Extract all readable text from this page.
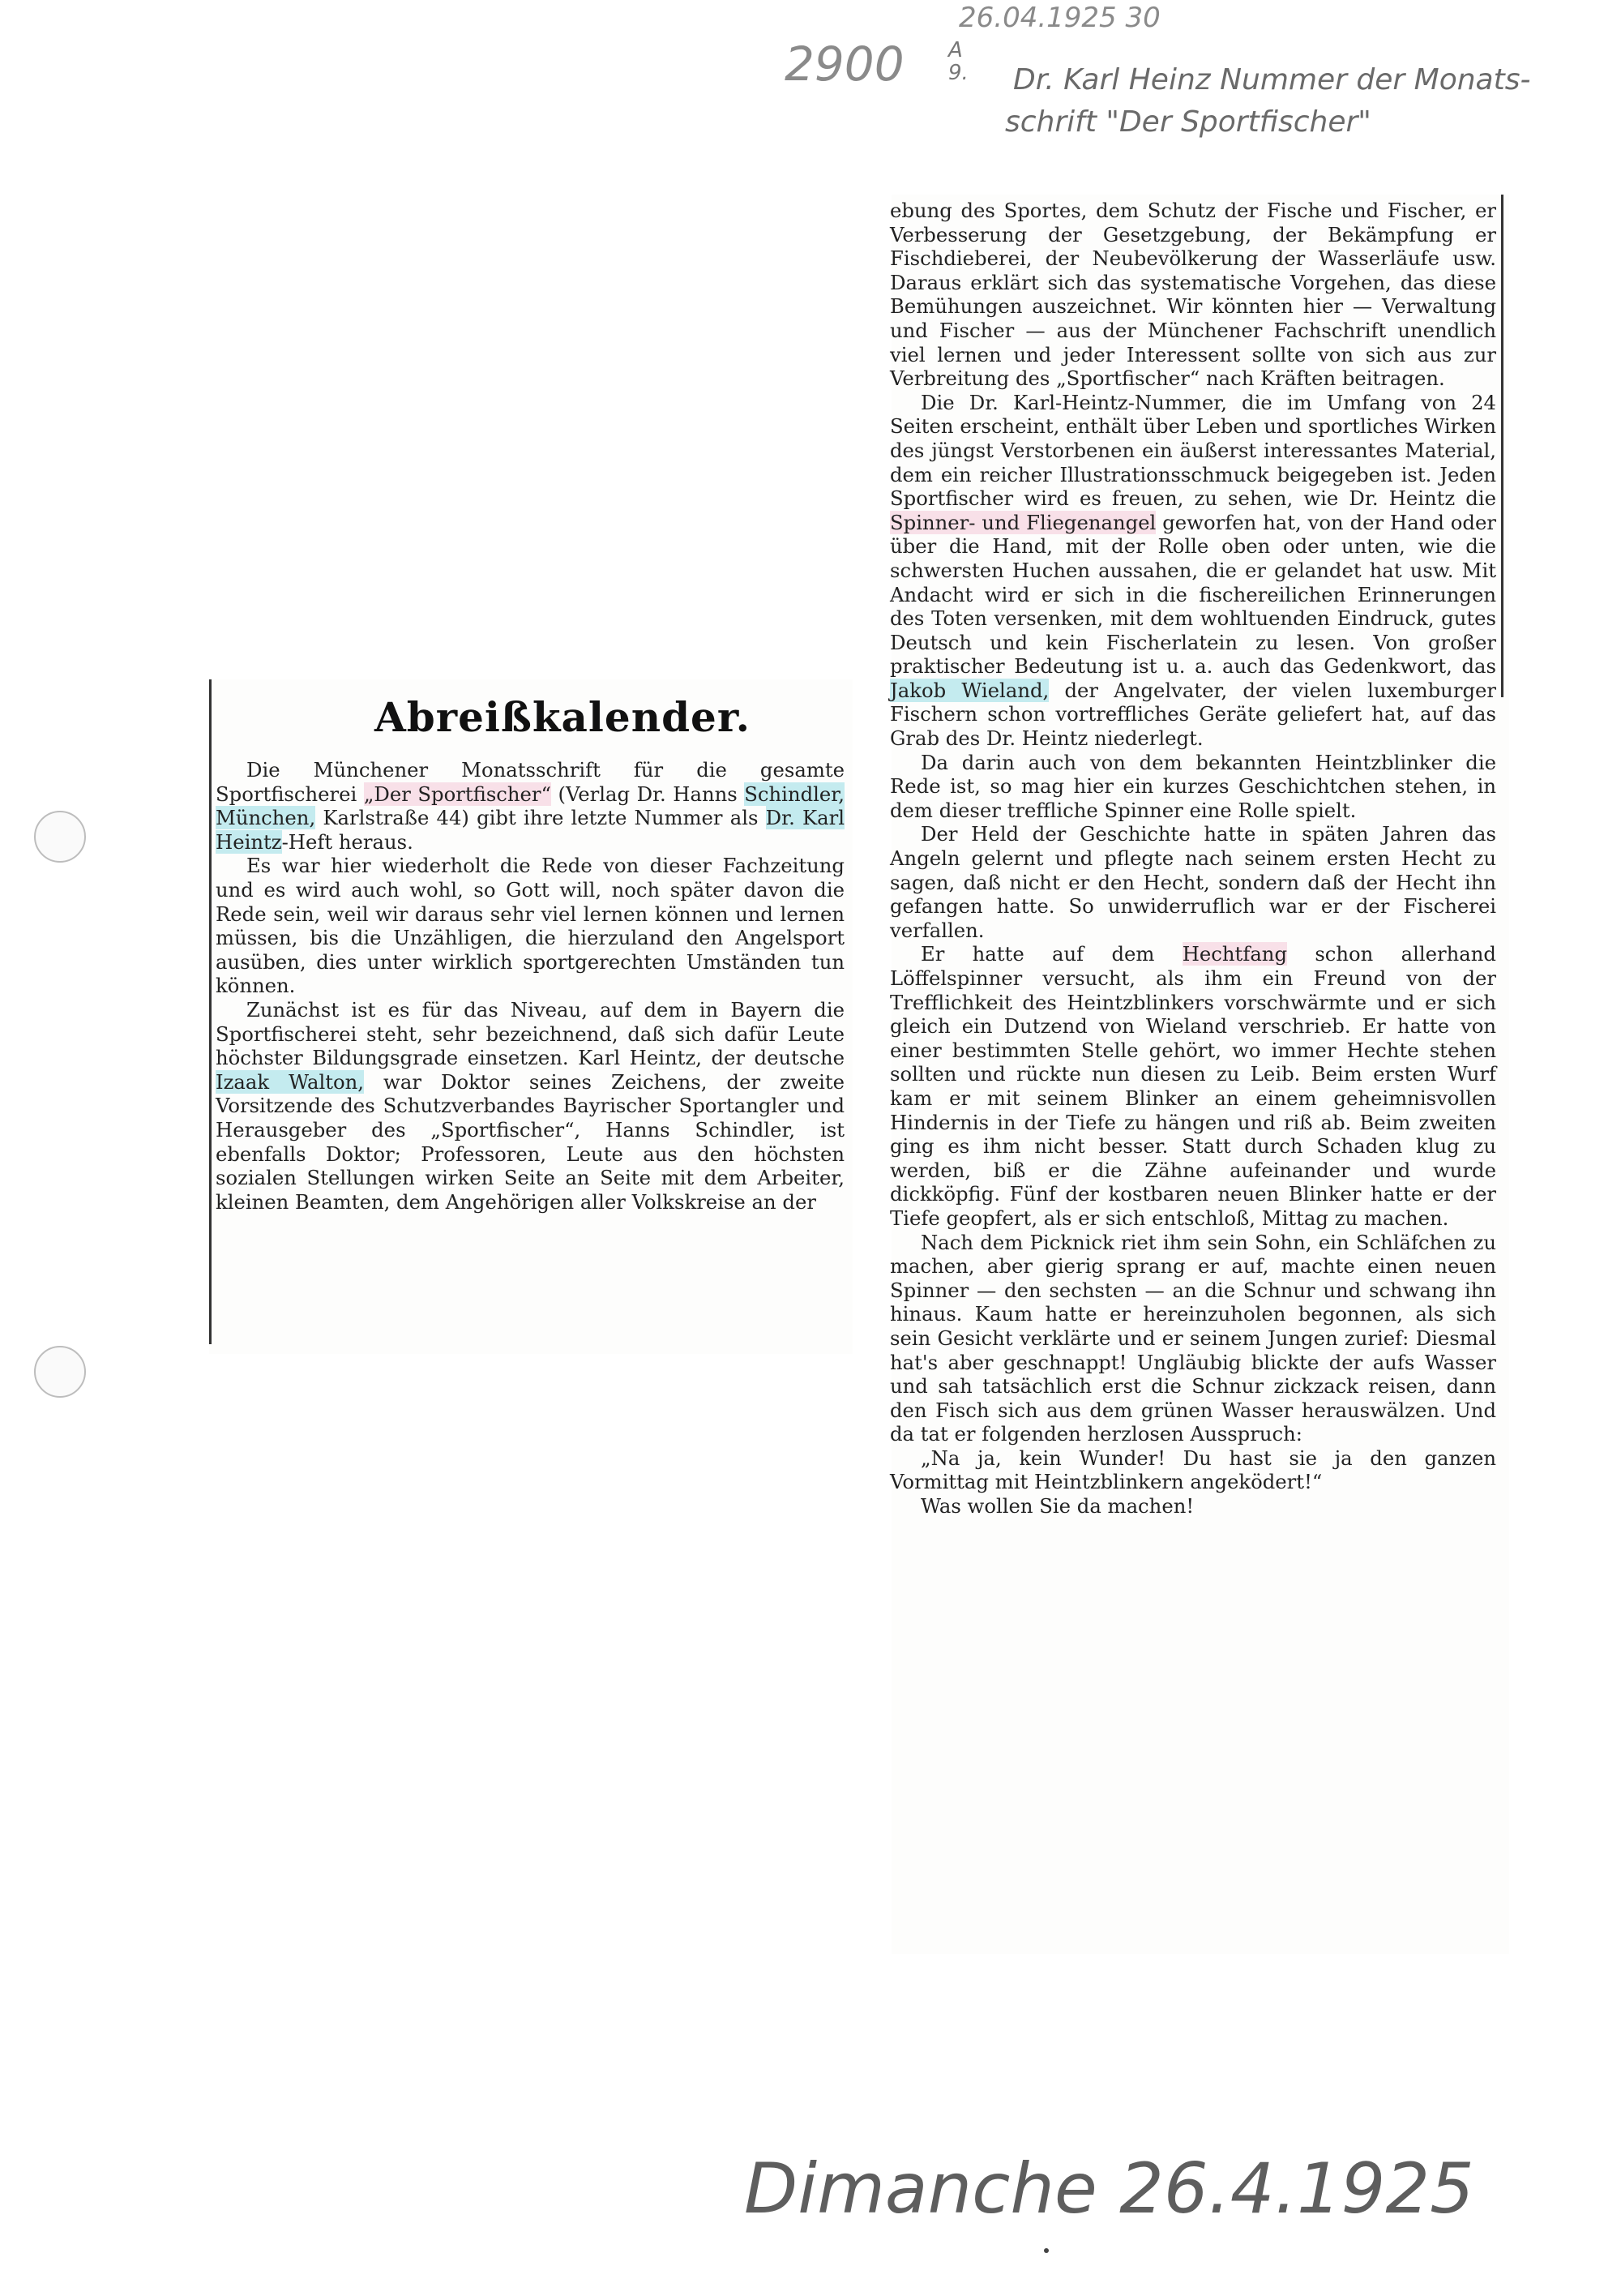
2900
26.04.1925 30
A
9. Dr. Karl Heinz Nummer der Monats-
schrift "Der Sportfischer"
Dimanche 26.4.1925
Abreißkalender.

Die Münchener Monatsschrift für die gesamte Sportfischerei „Der Sportfischer“ (Verlag Dr. Hanns Schindler, München, Karlstraße 44) gibt ihre letzte Nummer als Dr. Karl Heintz-Heft heraus.

Es war hier wiederholt die Rede von dieser Fachzeitung und es wird auch wohl, so Gott will, noch später davon die Rede sein, weil wir daraus sehr viel lernen können und lernen müssen, bis die Unzähligen, die hierzuland den Angelsport ausüben, dies unter wirklich sportgerechten Umständen tun können.

Zunächst ist es für das Niveau, auf dem in Bayern die Sportfischerei steht, sehr bezeichnend, daß sich dafür Leute höchster Bildungsgrade einsetzen. Karl Heintz, der deutsche Izaak Walton, war Doktor seines Zeichens, der zweite Vorsitzende des Schutzverbandes Bayrischer Sportangler und Herausgeber des „Sportfischer“, Hanns Schindler, ist ebenfalls Doktor; Professoren, Leute aus den höchsten sozialen Stellungen wirken Seite an Seite mit dem Arbeiter, kleinen Beamten, dem Angehörigen aller Volkskreise an der

ebung des Sportes, dem Schutz der Fische und Fischer, er Verbesserung der Gesetzgebung, der Bekämpfung er Fischdieberei, der Neubevölkerung der Wasserläufe usw. Daraus erklärt sich das systematische Vorgehen, das diese Bemühungen auszeichnet. Wir könnten hier — Verwaltung und Fischer — aus der Münchener Fachschrift unendlich viel lernen und jeder Interessent sollte von sich aus zur Verbreitung des „Sportfischer“ nach Kräften beitragen.

Die Dr. Karl-Heintz-Nummer, die im Umfang von 24 Seiten erscheint, enthält über Leben und sportliches Wirken des jüngst Verstorbenen ein äußerst interessantes Material, dem ein reicher Illustrationsschmuck beigegeben ist. Jeden Sportfischer wird es freuen, zu sehen, wie Dr. Heintz die Spinner- und Fliegenangel geworfen hat, von der Hand oder über die Hand, mit der Rolle oben oder unten, wie die schwersten Huchen aussahen, die er gelandet hat usw. Mit Andacht wird er sich in die fischereilichen Erinnerungen des Toten versenken, mit dem wohltuenden Eindruck, gutes Deutsch und kein Fischerlatein zu lesen. Von großer praktischer Bedeutung ist u. a. auch das Gedenkwort, das Jakob Wieland, der Angelvater, der vielen luxemburger Fischern schon vortreffliches Geräte geliefert hat, auf das Grab des Dr. Heintz niederlegt.

Da darin auch von dem bekannten Heintzblinker die Rede ist, so mag hier ein kurzes Geschichtchen stehen, in dem dieser treffliche Spinner eine Rolle spielt.

Der Held der Geschichte hatte in späten Jahren das Angeln gelernt und pflegte nach seinem ersten Hecht zu sagen, daß nicht er den Hecht, sondern daß der Hecht ihn gefangen hatte. So unwiderruflich war er der Fischerei verfallen.

Er hatte auf dem Hechtfang schon allerhand Löffelspinner versucht, als ihm ein Freund von der Trefflichkeit des Heintzblinkers vorschwärmte und er sich gleich ein Dutzend von Wieland verschrieb. Er hatte von einer bestimmten Stelle gehört, wo immer Hechte stehen sollten und rückte nun diesen zu Leib. Beim ersten Wurf kam er mit seinem Blinker an einem geheimnisvollen Hindernis in der Tiefe zu hängen und riß ab. Beim zweiten ging es ihm nicht besser. Statt durch Schaden klug zu werden, biß er die Zähne aufeinander und wurde dickköpfig. Fünf der kostbaren neuen Blinker hatte er der Tiefe geopfert, als er sich entschloß, Mittag zu machen.

Nach dem Picknick riet ihm sein Sohn, ein Schläfchen zu machen, aber gierig sprang er auf, machte einen neuen Spinner — den sechsten — an die Schnur und schwang ihn hinaus. Kaum hatte er hereinzuholen begonnen, als sich sein Gesicht verklärte und er seinem Jungen zurief: Diesmal hat's aber geschnappt! Ungläubig blickte der aufs Wasser und sah tatsächlich erst die Schnur zickzack reisen, dann den Fisch sich aus dem grünen Wasser herauswälzen. Und da tat er folgenden herzlosen Ausspruch:

„Na ja, kein Wunder! Du hast sie ja den ganzen Vormittag mit Heintzblinkern angeködert!“

Was wollen Sie da machen!
